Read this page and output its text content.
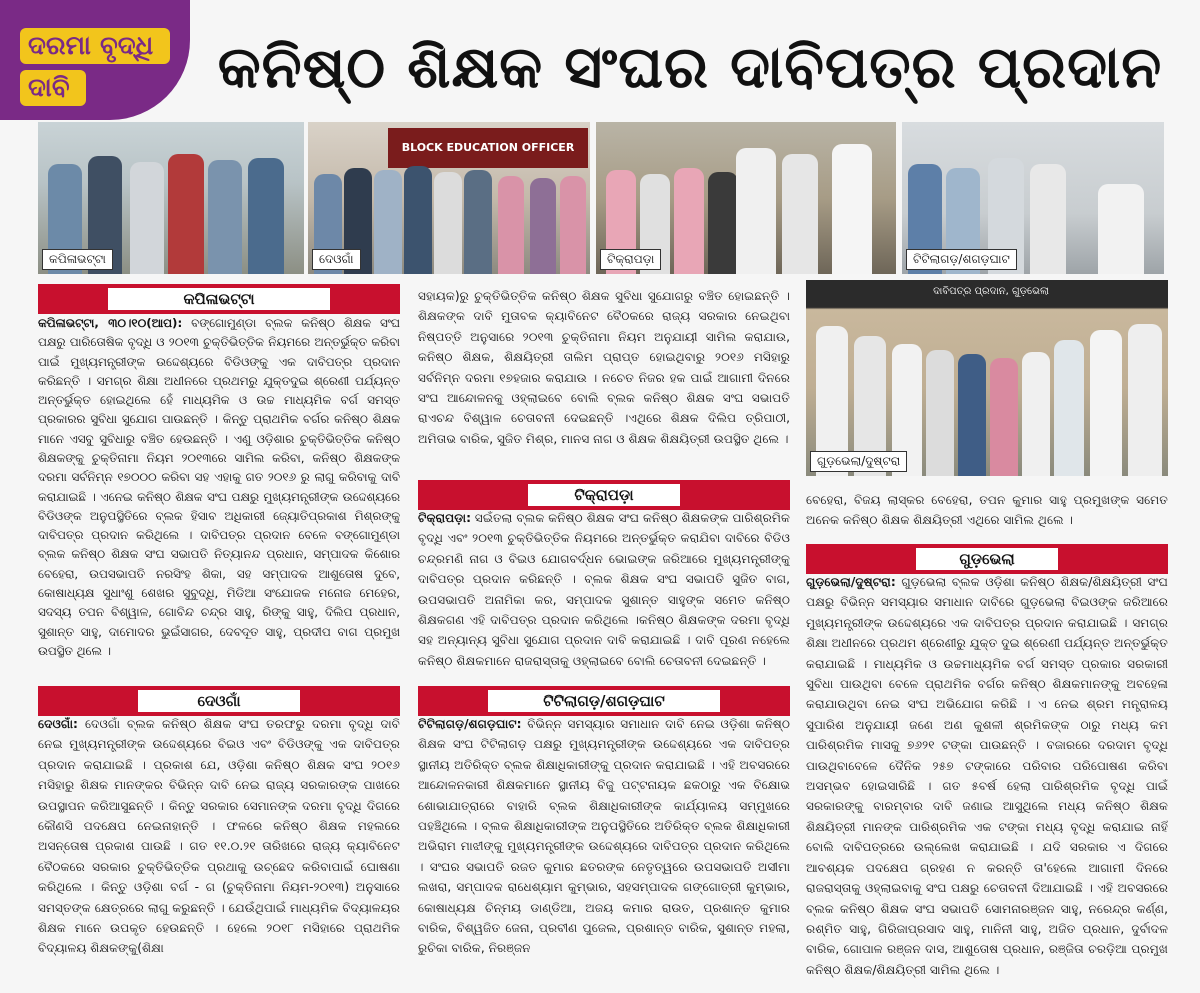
ଦରମା ବୃଦ୍ଧି
ଦାବି	କନିଷ୍ଠ ଶିକ୍ଷକ ସଂଘର ଦାବିପତ୍ର ପ୍ରଦାନ
କପିଳାଭଟ୍ଟା
BLOCK EDUCATION OFFICER
ଦେଓଗାଁ	ଟିକ୍ରାପଡ଼ା	ଟିଟିଲାଗଡ଼/ଶଗଡ଼ଘାଟ
କପିଳାଭଟ୍ଟା
କପିଳାଭଟ୍ଟା, ୩୦।୧୦(ଆପ): ବଙ୍ଗୋମୁଣ୍ଡା ବ୍ଲକ କନିଷ୍ଠ ଶିକ୍ଷକ ସଂଘ ପକ୍ଷରୁ ପାରିତୋଷିକ ବୃଦ୍ଧି ଓ ୨୦୧୩ ଚୁକ୍ତିଭିତ୍ତିକ ନିୟମରେ ଅନ୍ତର୍ଭୁକ୍ତ କରିବା ପାଇଁ ମୁଖ୍ୟମନ୍ତ୍ରୀଙ୍କ ଉଦ୍ଦେଶ୍ୟରେ ବିଡିଓଙ୍କୁ ଏକ ଦାବିପତ୍ର ପ୍ରଦାନ କରିଛନ୍ତି । ସମଗ୍ର ଶିକ୍ଷା ଅଧୀନରେ ପ୍ରଥମରୁ ଯୁକ୍ତଦୁଇ ଶ୍ରେଣୀ ପର୍ଯ୍ୟନ୍ତ ଅନ୍ତର୍ଭୁକ୍ତ ହୋଇଥିଲେ ହେଁ ମାଧ୍ୟମିକ ଓ ଉଚ୍ଚ ମାଧ୍ୟମିକ ବର୍ଗ ସମସ୍ତ ପ୍ରକାରର ସୁବିଧା ସୁଯୋଗ ପାଉଛନ୍ତି । କିନ୍ତୁ ପ୍ରାଥମିକ ବର୍ଗର କନିଷ୍ଠ ଶିକ୍ଷକ ମାନେ ଏସବୁ ସୁବିଧାରୁ ବଞ୍ଚିତ ହେଉଛନ୍ତି । ଏଣୁ ଓଡ଼ିଶାର ଚୁକ୍ତିଭିତ୍ତିକ କନିଷ୍ଠ ଶିକ୍ଷକଙ୍କୁ ଚୁକ୍ତିନାମା ନିୟମ ୨୦୧୩ରେ ସାମିଲ କରିବା, କନିଷ୍ଠ ଶିକ୍ଷକଙ୍କ ଦରମା ସର୍ବନିମ୍ନ ୧୭୦୦୦ କରିବା ସହ ଏହାକୁ ଗତ ୨୦୧୬ ରୁ ଲାଗୁ କରିବାକୁ ଦାବି କରାଯାଇଛି । ଏନେଇ କନିଷ୍ଠ ଶିକ୍ଷକ ସଂଘ ପକ୍ଷରୁ ମୁଖ୍ୟମନ୍ତ୍ରୀଙ୍କ ଉଦ୍ଦେଶ୍ୟରେ ବିଡିଓଙ୍କ ଅନୁପସ୍ଥିତିରେ ବ୍ଲକ ହିସାବ ଅଧିକାରୀ ଜ୍ୟୋତିପ୍ରକାଶ ମିଶ୍ରଙ୍କୁ ଦାବିପତ୍ର ପ୍ରଦାନ କରିଥିଲେ । ଦାବିପତ୍ର ପ୍ରଦାନ ବେଳେ ବଙ୍ଗୋମୁଣ୍ଡା ବ୍ଲକ କନିଷ୍ଠ ଶିକ୍ଷକ ସଂଘ ସଭାପତି ନିତ୍ୟାନନ୍ଦ ପ୍ରଧାନ, ସମ୍ପାଦକ କିଶୋର ବେହେରା, ଉପସଭାପତି ନରସିଂହ ଶିକା, ସହ ସମ୍ପାଦକ ଆଶୁତୋଷ ଦୁବେ, କୋଷାଧ୍ୟକ୍ଷ ସୁଧାଂଶୁ ଶେଖର ସୁବୁଦ୍ଧି, ମିଡିଆ ସଂଯୋଜକ ମନୋଜ ମେହେର, ସଦସ୍ୟ ତପନ ବିଶ୍ୱାଳ, ଗୋବିନ୍ଦ ଚନ୍ଦ୍ର ସାହୁ, ରିଙ୍କୁ ସାହୁ, ଦିଲିପ ପ୍ରଧାନ, ସୁଶାନ୍ତ ସାହୁ, ଦାମୋଦର ଭୁଇଁସାଗର, ଦେବଦୂତ ସାହୁ, ପ୍ରଦୀପ ବାଗ ପ୍ରମୁଖ ଉପସ୍ଥିତ ଥିଲେ ।
ଦେଓଗାଁ
ଦେଓଗାଁ: ଦେଓଗାଁ ବ୍ଲକ କନିଷ୍ଠ ଶିକ୍ଷକ ସଂଘ ତରଫରୁ ଦରମା ବୃଦ୍ଧି ଦାବି ନେଇ ମୁଖ୍ୟମନ୍ତ୍ରୀଙ୍କ ଉଦ୍ଦେଶ୍ୟରେ ବିଇଓ ଏବଂ ବିଡିଓଙ୍କୁ ଏକ ଦାବିପତ୍ର ପ୍ରଦାନ କରାଯାଇଛି । ପ୍ରକାଶ ଯେ, ଓଡ଼ିଶା କନିଷ୍ଠ ଶିକ୍ଷକ ସଂଘ ୨୦୧୬ ମସିହାରୁ ଶିକ୍ଷକ ମାନଙ୍କର ବିଭିନ୍ନ ଦାବି ନେଇ ରାଜ୍ୟ ସରକାରଙ୍କ ପାଖରେ ଉପସ୍ଥାପନ କରିଆସୁଛନ୍ତି । କିନ୍ତୁ ସରକାର ସେମାନଙ୍କ ଦରମା ବୃଦ୍ଧି ଦିଗରେ କୌଣସି ପଦକ୍ଷେପ ନେଇନାହାନ୍ତି । ଫଳରେ କନିଷ୍ଠ ଶିକ୍ଷକ ମହଲରେ ଅସନ୍ତୋଷ ପ୍ରକାଶ ପାଉଛି । ଗତ ୧୧.୦.୨୧ ତାରିଖରେ ରାଜ୍ୟ କ୍ୟାବିନେଟ ବୈଠକରେ ସରକାର ଚୁକ୍ତିଭିତ୍ତିକ ପ୍ରଥାକୁ ଉଚ୍ଛେଦ କରିବାପାଇଁ ଘୋଷଣା କରିଥିଲେ । କିନ୍ତୁ ଓଡ଼ିଶା ବର୍ଗ - ଗ (ଚୁକ୍ତିନାମା ନିୟମ-୨୦୧୩) ଅନୁସାରେ ସମସ୍ତଙ୍କ କ୍ଷେତ୍ରରେ ଲାଗୁ କରୁଛନ୍ତି । ଯେଉଁଥିପାଇଁ ମାଧ୍ୟମିକ ବିଦ୍ୟାଳୟର ଶିକ୍ଷକ ମାନେ ଉପକୃତ ହେଉଛନ୍ତି । ହେଲେ ୨୦୧୮ ମସିହାରେ ପ୍ରାଥମିକ ବିଦ୍ୟାଳୟ ଶିକ୍ଷକଙ୍କୁ(ଶିକ୍ଷା
ସହାୟକ)ରୁ ଚୁକ୍ତିଭିତ୍ତିକ କନିଷ୍ଠ ଶିକ୍ଷକ ସୁବିଧା ସୁଯୋଗରୁ ବଞ୍ଚିତ ହୋଇଛନ୍ତି । ଶିକ୍ଷକଙ୍କ ଦାବି ମୁତାବକ କ୍ୟାବିନେଟ ବୈଠକରେ ରାଜ୍ୟ ସରକାର ନେଇଥିବା ନିଷ୍ପତ୍ତି ଅନୁସାରେ ୨୦୧୩ ଚୁକ୍ତିନାମା ନିୟମ ଅନୁଯାୟୀ ସାମିଲ କରାଯାଉ, କନିଷ୍ଠ ଶିକ୍ଷକ, ଶିକ୍ଷୟିତ୍ରୀ ତାଲିମ ପ୍ରାପ୍ତ ହୋଇଥିବାରୁ ୨୦୧୬ ମସିହାରୁ ସର୍ବନିମ୍ନ ଦରମା ୧୭ହଜାର କରାଯାଉ । ନଚେତ ନିଜର ହକ ପାଇଁ ଆଗାମୀ ଦିନରେ ସଂଘ ଆନ୍ଦୋଳନକୁ ଓହ୍ଲାଇବେ ବୋଲି ବ୍ଲକ କନିଷ୍ଠ ଶିକ୍ଷକ ସଂଘ ସଭାପତି ରାଏଚନ୍ଦ ବିଶ୍ୱାଳ ଚେତାବନୀ ଦେଇଛନ୍ତି ।ଏଥିରେ ଶିକ୍ଷକ ଦିଲିପ ତ୍ରିପାଠୀ, ଅମିତାଭ ବାରିକ, ସୁଜିତ ମିଶ୍ର, ମାନସ ନାଗ ଓ ଶିକ୍ଷକ ଶିକ୍ଷୟିତ୍ରୀ ଉପସ୍ଥିତ ଥିଲେ ।
ଟିକ୍ରାପଡ଼ା
ଟିକ୍ରାପଡ଼ା: ସଇଁତଲା ବ୍ଲକ କନିଷ୍ଠ ଶିକ୍ଷକ ସଂଘ କନିଷ୍ଠ ଶିକ୍ଷକଙ୍କ ପାରିଶ୍ରମିକ ବୃଦ୍ଧି ଏବଂ ୨୦୧୩ ଚୁକ୍ତିଭିତ୍ତିକ ନିୟମରେ ଅନ୍ତର୍ଭୁକ୍ତ କରାଯିବା ଦାବିରେ ବିଡିଓ ଚନ୍ଦ୍ରମଣି ନାଗ ଓ ବିଇଓ ଯୋଗବର୍ଦ୍ଧନ ଭୋଇଙ୍କ ଜରିଆରେ ମୁଖ୍ୟମନ୍ତ୍ରୀଙ୍କୁ ଦାବିପତ୍ର ପ୍ରଦାନ କରିଛନ୍ତି । ବ୍ଲକ ଶିକ୍ଷକ ସଂଘ ସଭାପତି ସୁଜିତ ବାଗ, ଉପସଭାପତି ଅନାମିକା କର, ସମ୍ପାଦକ ସୁଶାନ୍ତ ସାହୁଙ୍କ ସମେତ କନିଷ୍ଠ ଶିକ୍ଷକଗଣ ଏହି ଦାବିପତ୍ର ପ୍ରଦାନ କରିଥିଲେ ।କନିଷ୍ଠ ଶିକ୍ଷକଙ୍କ ଦରମା ବୃଦ୍ଧି ସହ ଅନ୍ୟାନ୍ୟ ସୁବିଧା ସୁଯୋଗ ପ୍ରଦାନ ଦାବି କରାଯାଇଛି । ଦାବି ପୂରଣ ନହେଲେ କନିଷ୍ଠ ଶିକ୍ଷକମାନେ ରାଜରାସ୍ତାକୁ ଓହ୍ଲାଇବେ ବୋଲି ଚେତାବନୀ ଦେଇଛନ୍ତି ।
ଟିଟିଲାଗଡ଼/ଶଗଡ଼ଘାଟ
ଟିଟିଲାଗଡ଼/ଶଗଡ଼ଘାଟ: ବିଭିନ୍ନ ସମସ୍ୟାର ସମାଧାନ ଦାବି ନେଇ ଓଡ଼ିଶା କନିଷ୍ଠ ଶିକ୍ଷକ ସଂଘ ଟିଟିଲାଗଡ଼ ପକ୍ଷରୁ ମୁଖ୍ୟମନ୍ତ୍ରୀଙ୍କ ଉଦ୍ଦେଶ୍ୟରେ ଏକ ଦାବିପତ୍ର ସ୍ଥାନୀୟ ଅତିରିକ୍ତ ବ୍ଲକ ଶିକ୍ଷାଧିକାରୀଙ୍କୁ ପ୍ରଦାନ କରାଯାଇଛି । ଏହି ଅବସରରେ ଆନ୍ଦୋଳନକାରୀ ଶିକ୍ଷକମାନେ ସ୍ଥାନୀୟ ବିଜୁ ପଟ୍ଟନାୟକ ଛକଠାରୁ ଏକ ବିକ୍ଷୋଭ ଶୋଭାଯାତ୍ରାରେ ବାହାରି ବ୍ଲକ ଶିକ୍ଷାଧିକାରୀଙ୍କ କାର୍ଯ୍ୟାଳୟ ସମ୍ମୁଖରେ ପହଞ୍ଚିଥିଲେ । ବ୍ଲକ ଶିକ୍ଷାଧିକାରୀଙ୍କ ଅନୁପସ୍ଥିତିରେ ଅତିରିକ୍ତ ବ୍ଲକ ଶିକ୍ଷାଧିକାରୀ ଅଭିରାମ ମାଝୀଙ୍କୁ ମୁଖ୍ୟମନ୍ତ୍ରୀଙ୍କ ଉଦ୍ଦେଶ୍ୟରେ ଦାବିପତ୍ର ପ୍ରଦାନ କରିଥିଲେ । ସଂଘର ସଭାପତି ରଜତ କୁମାର ଛତରଙ୍କ ନେତୃତ୍ୱରେ ଉପସଭାପତି ଅସୀମା ଲଖରା, ସମ୍ପାଦକ ରାଧେଶ୍ୟାମ କୁମ୍ଭାର, ସହସମ୍ପାଦକ ଗଙ୍ଗୋତ୍ରୀ କୁମ୍ଭାର, କୋଷାଧ୍ୟକ୍ଷ ଚିନ୍ମୟ ଡାଣ୍ଡିଆ, ଅଜୟ କମାର ରାଉତ, ପ୍ରଶାନ୍ତ କୁମାର ବାରିକ, ବିଶ୍ୱଜିତ ଜେନା, ପ୍ରବୀଣ ପୁଜେଲ, ପ୍ରଶାନ୍ତ ବାରିକ, ସୁଶାନ୍ତ ମହଲା, ରୁଚିକା ବାରିକ, ନିରଞ୍ଜନ
ଦାବିପତ୍ର ପ୍ରଦାନ, ଗୁଡ଼ଭେଲା
ଗୁଡ଼ଭେଲା/ଦୁଷ୍ଟରା
ବେହେରା, ବିଜୟ ଲାସ୍କର ବେହେରା, ତପନ କୁମାର ସାହୁ ପ୍ରମୁଖଙ୍କ ସମେତ ଅନେକ କନିଷ୍ଠ ଶିକ୍ଷକ ଶିକ୍ଷୟିତ୍ରୀ ଏଥିରେ ସାମିଲ ଥିଲେ ।
ଗୁଡ଼ଭେଲା
ଗୁଡ଼ଭେଲା/ଦୁଷ୍ଟରା: ଗୁଡ଼ଭେଲା ବ୍ଲକ ଓଡ଼ିଶା କନିଷ୍ଠ ଶିକ୍ଷକ/ଶିକ୍ଷୟିତ୍ରୀ ସଂଘ ପକ୍ଷରୁ ବିଭିନ୍ନ ସମସ୍ୟାର ସମାଧାନ ଦାବିରେ ଗୁଡ଼ଭେଲା ବିଇଓଙ୍କ ଜରିଆରେ ମୁଖ୍ୟମନ୍ତ୍ରୀଙ୍କ ଉଦ୍ଦେଶ୍ୟରେ ଏକ ଦାବିପତ୍ର ପ୍ରଦାନ କରାଯାଇଛି । ସମଗ୍ର ଶିକ୍ଷା ଅଧୀନରେ ପ୍ରଥମ ଶ୍ରେଣୀରୁ ଯୁକ୍ତ ଦୁଇ ଶ୍ରେଣୀ ପର୍ଯ୍ୟନ୍ତ ଅନ୍ତର୍ଭୁକ୍ତ କରାଯାଇଛି । ମାଧ୍ୟମିକ ଓ ଉଚ୍ଚମାଧ୍ୟମିକ ବର୍ଗ ସମସ୍ତ ପ୍ରକାର ସରକାରୀ ସୁବିଧା ପାଉଥିବା ବେଳେ ପ୍ରାଥମିକ ବର୍ଗର କନିଷ୍ଠ ଶିକ୍ଷକମାନଙ୍କୁ ଅବହେଳା କରାଯାଉଥିବା ନେଇ ସଂଘ ଅଭିଯୋଗ କରିଛି । ଏ ନେଇ ଶ୍ରମ ମନ୍ତ୍ରାଳୟ ସୁପାରିଶ ଅନୁଯାୟୀ ଜଣେ ଅଣ କୁଶଳୀ ଶ୍ରମିକଙ୍କ ଠାରୁ ମଧ୍ୟ କମ ପାରିଶ୍ରମିକ ମାସକୁ ୭୬୨୧ ଟଙ୍କା ପାଉଛନ୍ତି । ବଜାରରେ ଦରଦାମ ବୃଦ୍ଧି ପାଉଥିବାବେଳେ ଦୈନିକ ୨୫୭ ଟଙ୍କାରେ ପରିବାର ପରିପୋଷଣ କରିବା ଅସମ୍ଭବ ହୋଇସାରିଛି । ଗତ ୫ବର୍ଷ ହେଲା ପାରିଶ୍ରମିକ ବୃଦ୍ଧି ପାଇଁ ସରକାରଙ୍କୁ ବାରମ୍ବାର ଦାବି ଜଣାଇ ଆସୁଥିଲେ ମଧ୍ୟ କନିଷ୍ଠ ଶିକ୍ଷକ ଶିକ୍ଷୟିତ୍ରୀ ମାନଙ୍କ ପାରିଶ୍ରମିକ ଏକ ଟଙ୍କା ମଧ୍ୟ ବୃଦ୍ଧି କରାଯାଇ ନାହିଁ ବୋଲି ଦାବିପତ୍ରରେ ଉଲ୍ଲେଖ କରାଯାଇଛି । ଯଦି ସରକାର ଏ ଦିଗରେ ଆବଶ୍ୟକ ପଦକ୍ଷେପ ଗ୍ରହଣ ନ କରନ୍ତି ତା'ହେଲେ ଆଗାମୀ ଦିନରେ ରାଜରାସ୍ତାକୁ ଓହ୍ଲାଇବାକୁ ସଂଘ ପକ୍ଷରୁ ଚେତାବନୀ ଦିଆଯାଇଛି । ଏହି ଅବସରରେ ବ୍ଲକ କନିଷ୍ଠ ଶିକ୍ଷକ ସଂଘ ସଭାପତି ସୋମନାରଞ୍ଜନ ସାହୁ, ନରେନ୍ଦ୍ର କର୍ଣ୍ଣ, ରଶ୍ମିତ ସାହୁ, ଗିରିଜାପ୍ରସାଦ ସାହୁ, ମାନିନୀ ସାହୁ, ଅଜିତ ପ୍ରଧାନ, ଦୁର୍ବାଦଳ ବାରିକ, ଗୋପାଳ ରଞ୍ଜନ ଦାସ, ଆଶୁତୋଷ ପ୍ରଧାନ, ରଞ୍ଜିତା ଚରଡ଼ିଆ ପ୍ରମୁଖ କନିଷ୍ଠ ଶିକ୍ଷକ/ଶିକ୍ଷୟିତ୍ରୀ ସାମିଲ ଥିଲେ ।
